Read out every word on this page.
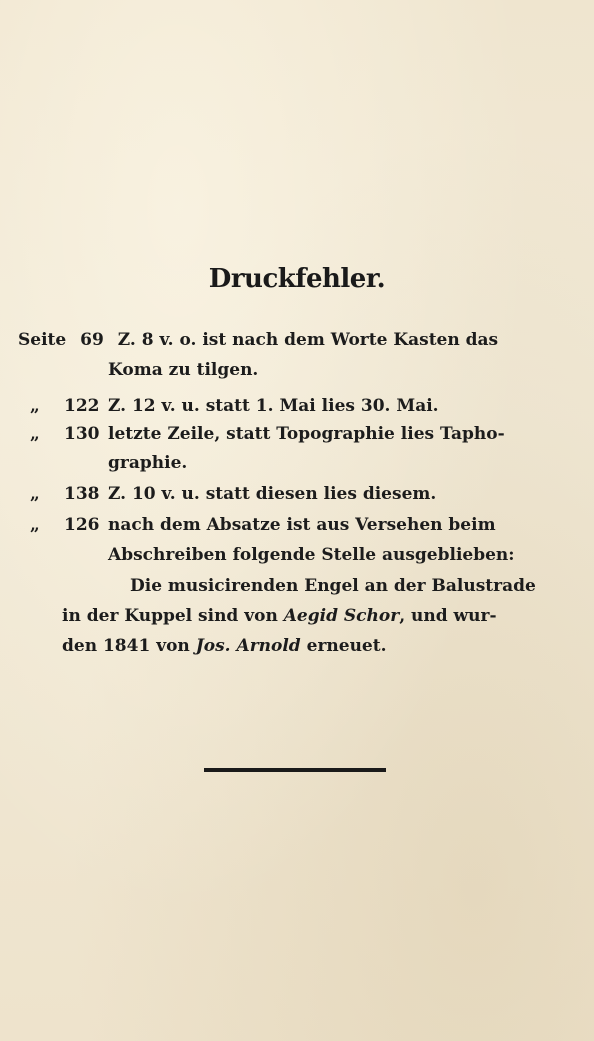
Druckfehler.
Seite 69 Z. 8 v. o. ist nach dem Worte Kasten das
Koma zu tilgen.
„ 122 Z. 12 v. u. statt 1. Mai lies 30. Mai.
„ 130 letzte Zeile, statt Topographie lies Tapho-
graphie.
„ 138 Z. 10 v. u. statt diesen lies diesem.
„ 126 nach dem Absatze ist aus Versehen beim
Abschreiben folgende Stelle ausgeblieben:
Die musicirenden Engel an der Balustrade
in der Kuppel sind von Aegid Schor, und wur-
den 1841 von Jos. Arnold erneuet.
